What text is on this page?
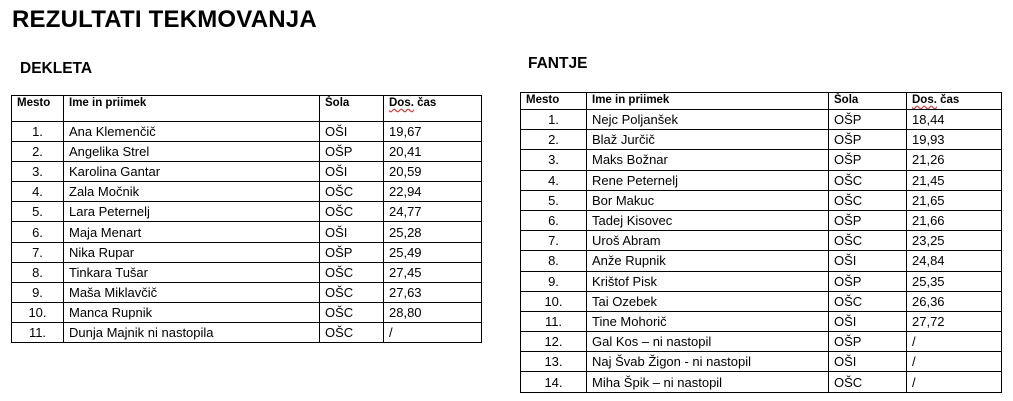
REZULTATI TEKMOVANJA
DEKLETA	FANTJE
Mesto	Ime in priimek	Šola	Dos. čas
1.	Ana Klemenčič	OŠI	19,67
2.	Angelika Strel	OŠP	20,41
3.	Karolina Gantar	OŠI	20,59
4.	Zala Močnik	OŠC	22,94
5.	Lara Peternelj	OŠC	24,77
6.	Maja Menart	OŠI	25,28
7.	Nika Rupar	OŠP	25,49
8.	Tinkara Tušar	OŠC	27,45
9.	Maša Miklavčič	OŠC	27,63
10.	Manca Rupnik	OŠC	28,80
11.	Dunja Majnik ni nastopila	OŠC	/
Mesto	Ime in priimek	Šola	Dos. čas
1.	Nejc Poljanšek	OŠP	18,44
2.	Blaž Jurčič	OŠP	19,93
3.	Maks Božnar	OŠP	21,26
4.	Rene Peternelj	OŠC	21,45
5.	Bor Makuc	OŠC	21,65
6.	Tadej Kisovec	OŠP	21,66
7.	Uroš Abram	OŠC	23,25
8.	Anže Rupnik	OŠI	24,84
9.	Krištof Pisk	OŠP	25,35
10.	Tai Ozebek	OŠC	26,36
11.	Tine Mohorič	OŠI	27,72
12.	Gal Kos – ni nastopil	OŠP	/
13.	Naj Švab Žigon - ni nastopil	OŠI	/
14.	Miha Špik – ni nastopil	OŠC	/
